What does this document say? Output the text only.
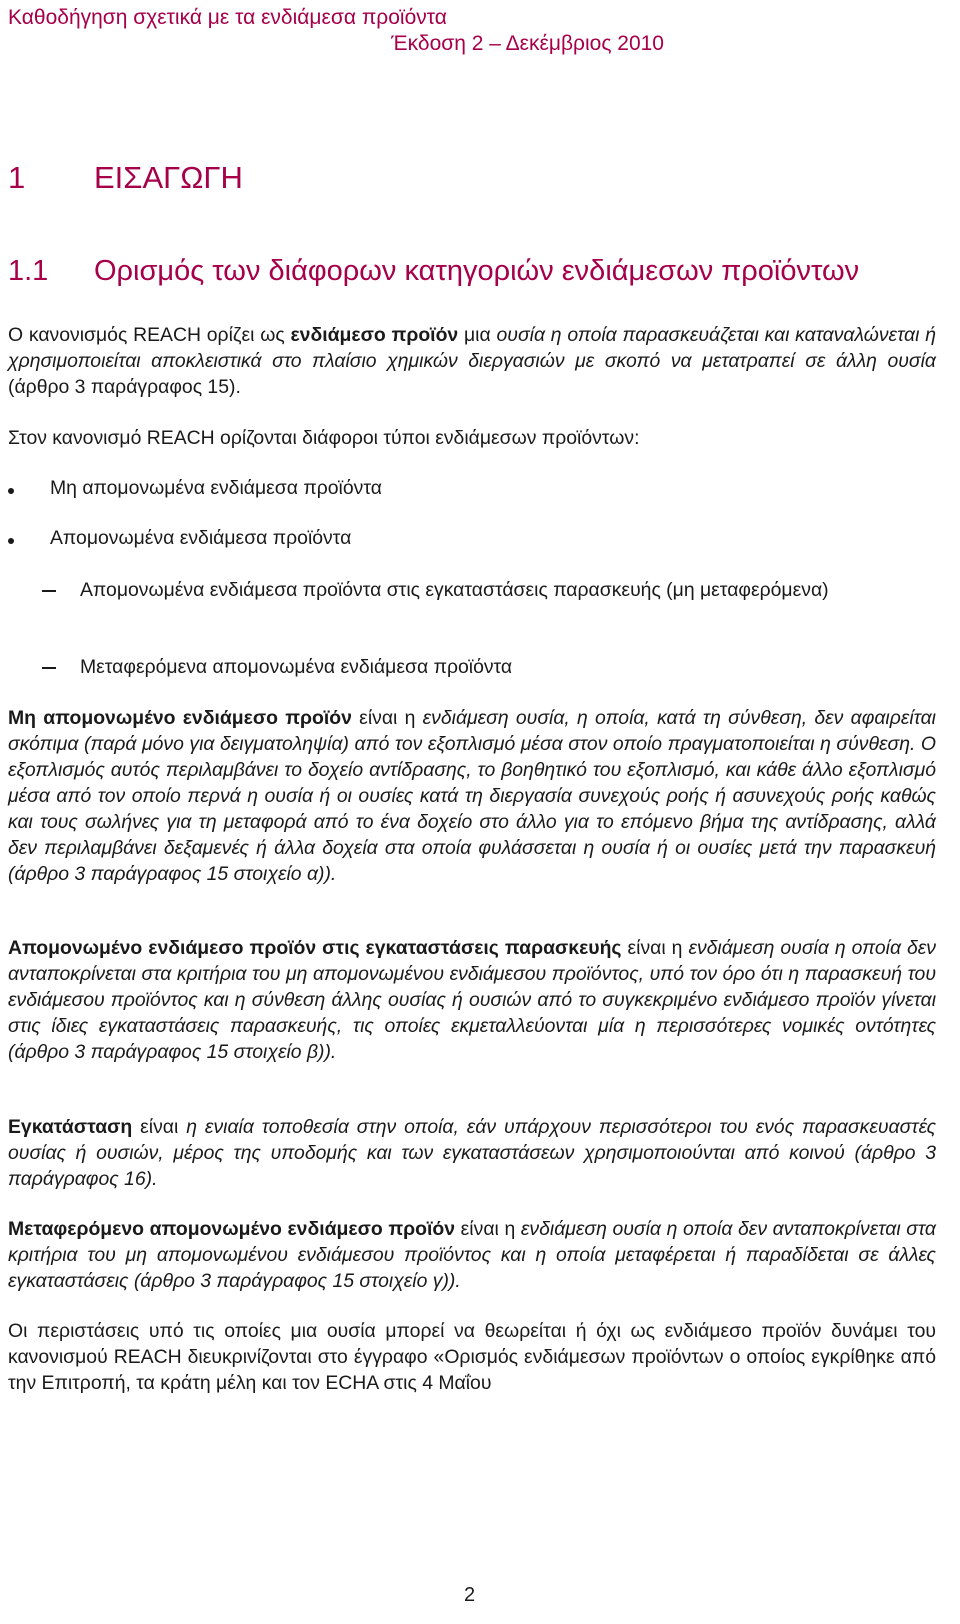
Καθοδήγηση σχετικά με τα ενδιάμεσα προϊόντα
Έκδοση 2 – Δεκέμβριος 2010
1 ΕΙΣΑΓΩΓΗ
1.1 Ορισμός των διάφορων κατηγοριών ενδιάμεσων προϊόντων

Ο κανονισμός REACH ορίζει ως ενδιάμεσο προϊόν μια ουσία η οποία παρασκευάζεται και καταναλώνεται ή χρησιμοποιείται αποκλειστικά στο πλαίσιο χημικών διεργασιών με σκοπό να μετατραπεί σε άλλη ουσία (άρθρο 3 παράγραφος 15).

Στον κανονισμό REACH ορίζονται διάφοροι τύποι ενδιάμεσων προϊόντων:

Μη απομονωμένα ενδιάμεσα προϊόντα
Απομονωμένα ενδιάμεσα προϊόντα
Απομονωμένα ενδιάμεσα προϊόντα στις εγκαταστάσεις παρασκευής (μη μεταφερόμενα)
Μεταφερόμενα απομονωμένα ενδιάμεσα προϊόντα

Μη απομονωμένο ενδιάμεσο προϊόν είναι η ενδιάμεση ουσία, η οποία, κατά τη σύνθεση, δεν αφαιρείται σκόπιμα (παρά μόνο για δειγματοληψία) από τον εξοπλισμό μέσα στον οποίο πραγματοποιείται η σύνθεση. Ο εξοπλισμός αυτός περιλαμβάνει το δοχείο αντίδρασης, το βοηθητικό του εξοπλισμό, και κάθε άλλο εξοπλισμό μέσα από τον οποίο περνά η ουσία ή οι ουσίες κατά τη διεργασία συνεχούς ροής ή ασυνεχούς ροής καθώς και τους σωλήνες για τη μεταφορά από το ένα δοχείο στο άλλο για το επόμενο βήμα της αντίδρασης, αλλά δεν περιλαμβάνει δεξαμενές ή άλλα δοχεία στα οποία φυλάσσεται η ουσία ή οι ουσίες μετά την παρασκευή (άρθρο 3 παράγραφος 15 στοιχείο α)).

Απομονωμένο ενδιάμεσο προϊόν στις εγκαταστάσεις παρασκευής είναι η ενδιάμεση ουσία η οποία δεν ανταποκρίνεται στα κριτήρια του μη απομονωμένου ενδιάμεσου προϊόντος, υπό τον όρο ότι η παρασκευή του ενδιάμεσου προϊόντος και η σύνθεση άλλης ουσίας ή ουσιών από το συγκεκριμένο ενδιάμεσο προϊόν γίνεται στις ίδιες εγκαταστάσεις παρασκευής, τις οποίες εκμεταλλεύονται μία η περισσότερες νομικές οντότητες (άρθρο 3 παράγραφος 15 στοιχείο β)).

Εγκατάσταση είναι η ενιαία τοποθεσία στην οποία, εάν υπάρχουν περισσότεροι του ενός παρασκευαστές ουσίας ή ουσιών, μέρος της υποδομής και των εγκαταστάσεων χρησιμοποιούνται από κοινού (άρθρο 3 παράγραφος 16).

Μεταφερόμενο απομονωμένο ενδιάμεσο προϊόν είναι η ενδιάμεση ουσία η οποία δεν ανταποκρίνεται στα κριτήρια του μη απομονωμένου ενδιάμεσου προϊόντος και η οποία μεταφέρεται ή παραδίδεται σε άλλες εγκαταστάσεις (άρθρο 3 παράγραφος 15 στοιχείο γ)).

Οι περιστάσεις υπό τις οποίες μια ουσία μπορεί να θεωρείται ή όχι ως ενδιάμεσο προϊόν δυνάμει του κανονισμού REACH διευκρινίζονται στο έγγραφο «Ορισμός ενδιάμεσων προϊόντων ο οποίος εγκρίθηκε από την Επιτροπή, τα κράτη μέλη και τον ECHA στις 4 Μαΐου

2
